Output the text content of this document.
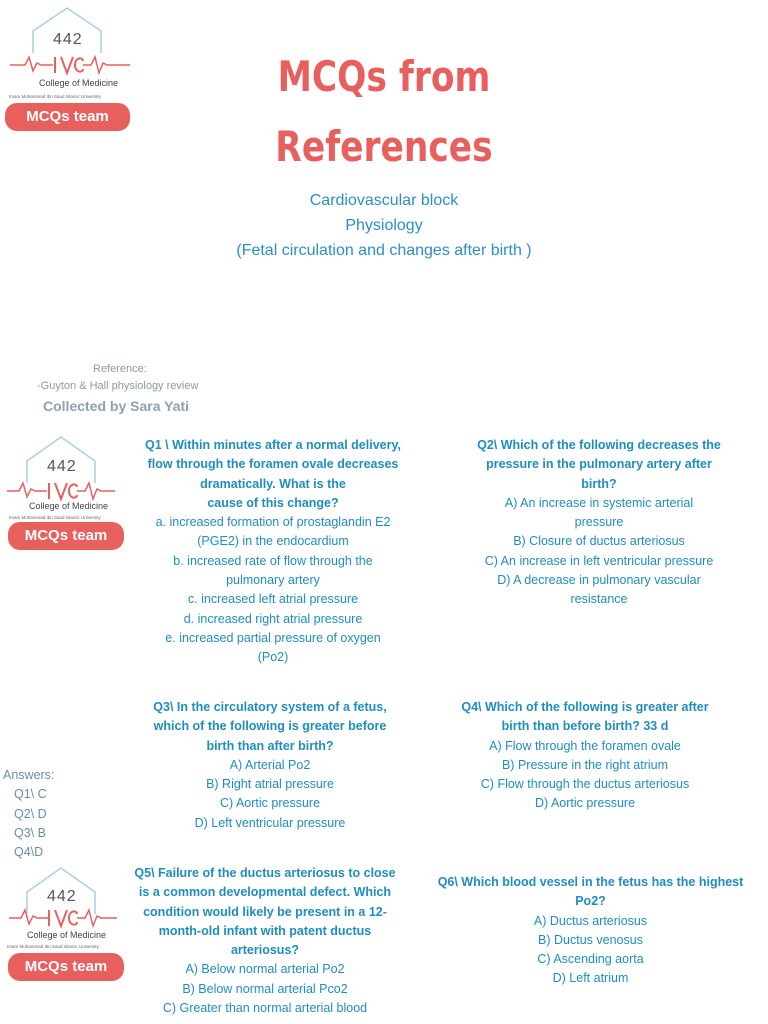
442
College of Medicine
Imam Mohammad Ibn Saud Islamic University
MCQs team
442
College of Medicine
Imam Mohammad Ibn Saud Islamic University
MCQs team
442
College of Medicine
Imam Mohammad Ibn Saud Islamic University
MCQs team
MCQs from
References
Cardiovascular block
Physiology
(Fetal circulation and changes after birth )
Reference:
-Guyton & Hall physiology review
Collected by Sara Yati
Q1 \ Within minutes after a normal delivery,
flow through the foramen ovale decreases
dramatically. What is the
cause of this change?
a. increased formation of prostaglandin E2
(PGE2) in the endocardium
b. increased rate of flow through the
pulmonary artery
c. increased left atrial pressure
d. increased right atrial pressure
e. increased partial pressure of oxygen
(Po2)
Q2\ Which of the following decreases the
pressure in the pulmonary artery after
birth?
A) An increase in systemic arterial
pressure
B) Closure of ductus arteriosus
C) An increase in left ventricular pressure
D) A decrease in pulmonary vascular
resistance
Q3\ In the circulatory system of a fetus,
which of the following is greater before
birth than after birth?
A) Arterial Po2
B) Right atrial pressure
C) Aortic pressure
D) Left ventricular pressure
Q4\ Which of the following is greater after
birth than before birth? 33 d
A) Flow through the foramen ovale
B) Pressure in the right atrium
C) Flow through the ductus arteriosus
D) Aortic pressure
Answers:
Q1\ C
Q2\ D
Q3\ B
Q4\D
Q5\ Failure of the ductus arteriosus to close
is a common developmental defect. Which
condition would likely be present in a 12-
month-old infant with patent ductus
arteriosus?
A) Below normal arterial Po2
B) Below normal arterial Pco2
C) Greater than normal arterial blood
Q6\ Which blood vessel in the fetus has the highest
Po2?
A) Ductus arteriosus
B) Ductus venosus
C) Ascending aorta
D) Left atrium
